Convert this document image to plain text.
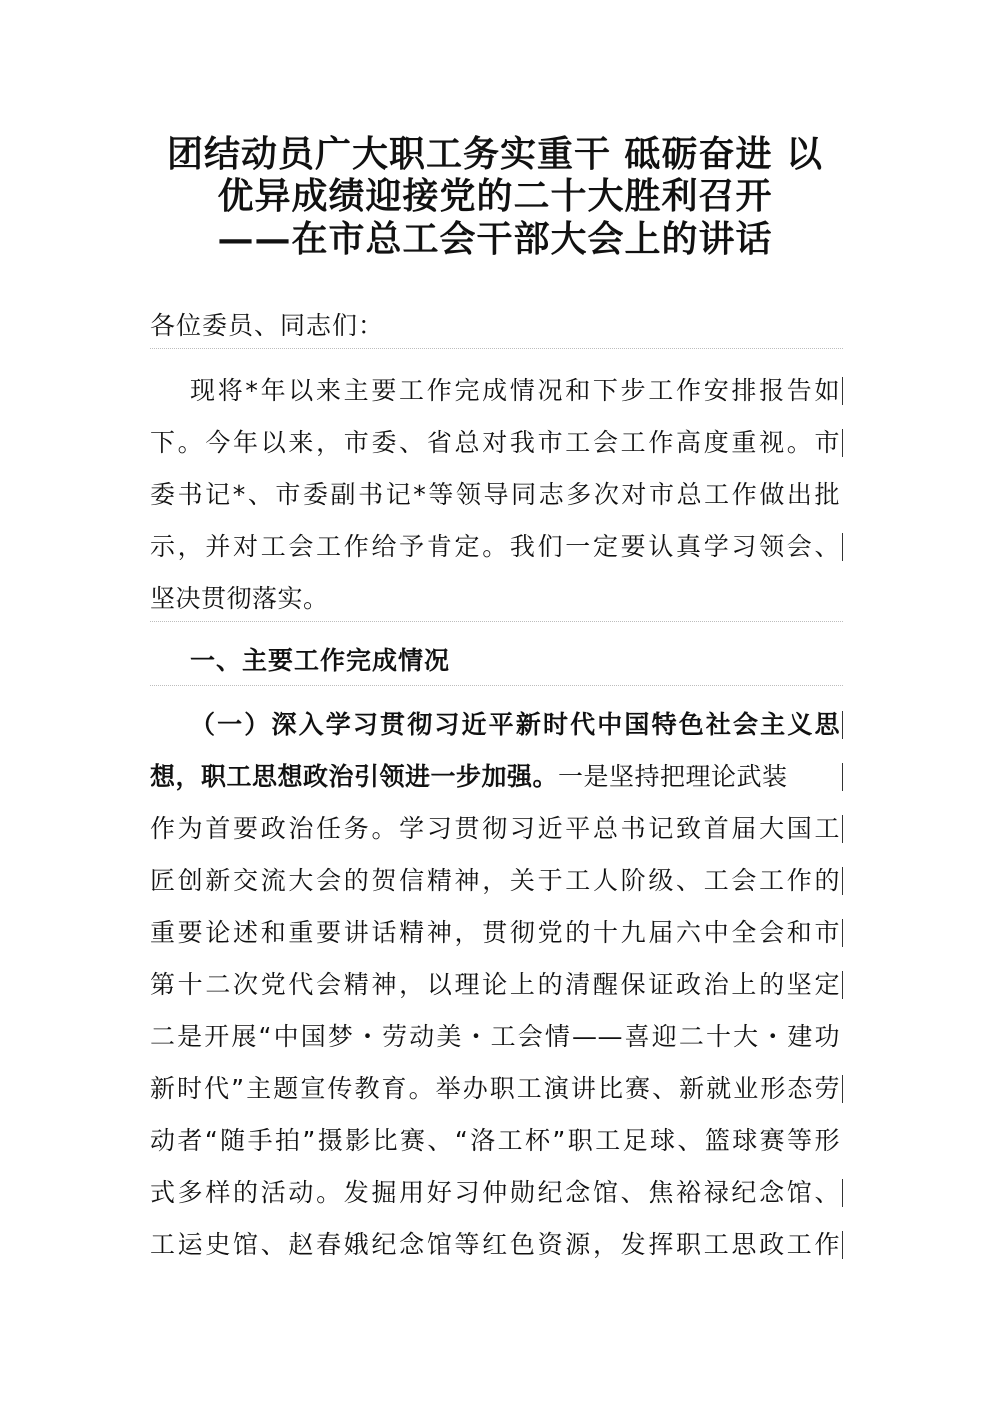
团结动员广大职工务实重干 砥砺奋进 以
优异成绩迎接党的二十大胜利召开
——在市总工会干部大会上的讲话
各位委员、同志们：
现将*年以来主要工作完成情况和下步工作安排报告如
下。今年以来，市委、省总对我市工会工作高度重视。市
委书记*、市委副书记*等领导同志多次对市总工作做出批
示，并对工会工作给予肯定。我们一定要认真学习领会、
坚决贯彻落实。
一、主要工作完成情况
（一）深入学习贯彻习近平新时代中国特色社会主义思
想，职工思想政治引领进一步加强。一是坚持把理论武装
作为首要政治任务。学习贯彻习近平总书记致首届大国工
匠创新交流大会的贺信精神，关于工人阶级、工会工作的
重要论述和重要讲话精神，贯彻党的十九届六中全会和市
第十二次党代会精神，以理论上的清醒保证政治上的坚定
二是开展“中国梦・劳动美・工会情——喜迎二十大・建功
新时代”主题宣传教育。举办职工演讲比赛、新就业形态劳
动者“随手拍”摄影比赛、“洛工杯”职工足球、篮球赛等形
式多样的活动。发掘用好习仲勋纪念馆、焦裕禄纪念馆、
工运史馆、赵春娥纪念馆等红色资源，发挥职工思政工作
